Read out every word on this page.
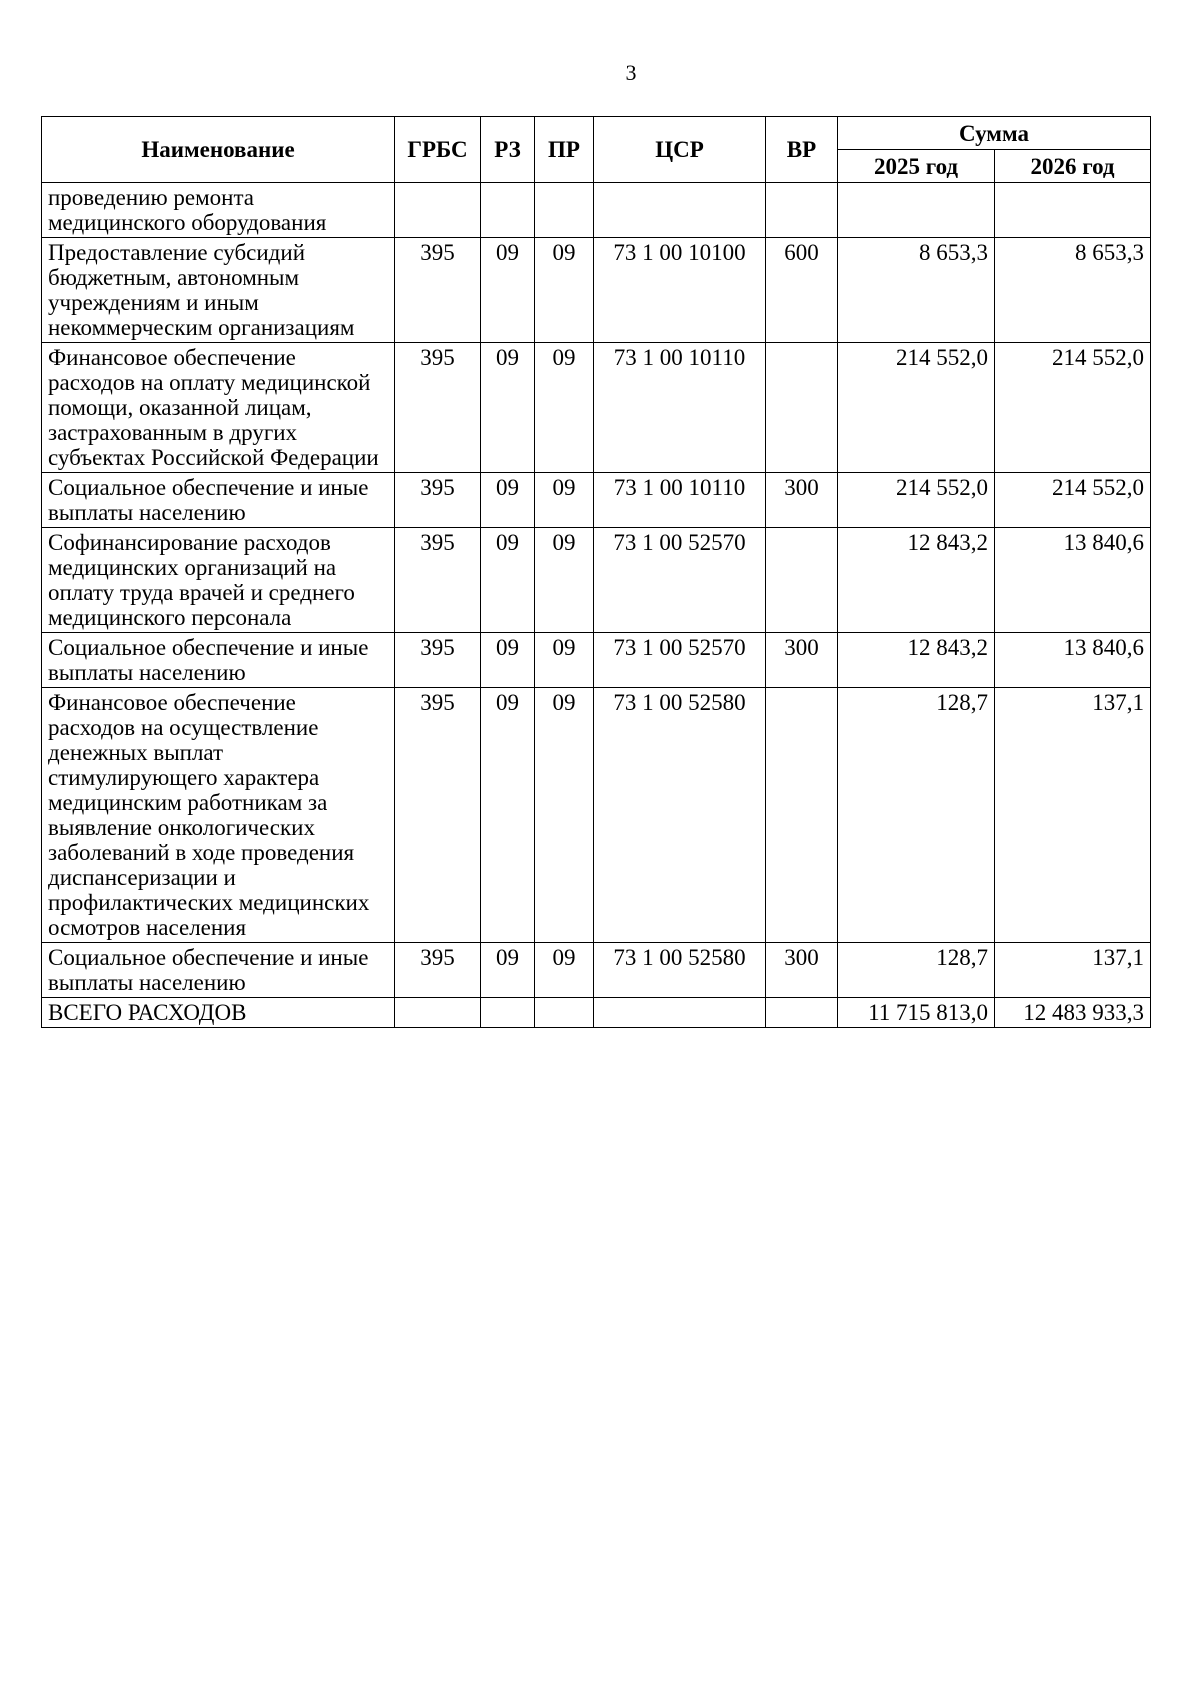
3
Наименование	ГРБС	РЗ	ПР	ЦСР	ВР	Сумма	
						2025 год	2026 год
проведению ремонта медицинского оборудования							
Предоставление субсидий бюджетным, автономным учреждениям и иным некоммерческим организациям	395	09	09	73 1 00 10100	600	8 653,3	8 653,3
Финансовое обеспечение расходов на оплату медицинской помощи, оказанной лицам, застрахованным в других субъектах Российской Федерации	395	09	09	73 1 00 10110		214 552,0	214 552,0
Социальное обеспечение и иные выплаты населению	395	09	09	73 1 00 10110	300	214 552,0	214 552,0
Софинансирование расходов медицинских организаций на оплату труда врачей и среднего медицинского персонала	395	09	09	73 1 00 52570		12 843,2	13 840,6
Социальное обеспечение и иные выплаты населению	395	09	09	73 1 00 52570	300	12 843,2	13 840,6
Финансовое обеспечение расходов на осуществление денежных выплат стимулирующего характера медицинским работникам за выявление онкологических заболеваний в ходе проведения диспансеризации и профилактических медицинских осмотров населения	395	09	09	73 1 00 52580		128,7	137,1
Социальное обеспечение и иные выплаты населению	395	09	09	73 1 00 52580	300	128,7	137,1
ВСЕГО РАСХОДОВ						11 715 813,0	12 483 933,3
